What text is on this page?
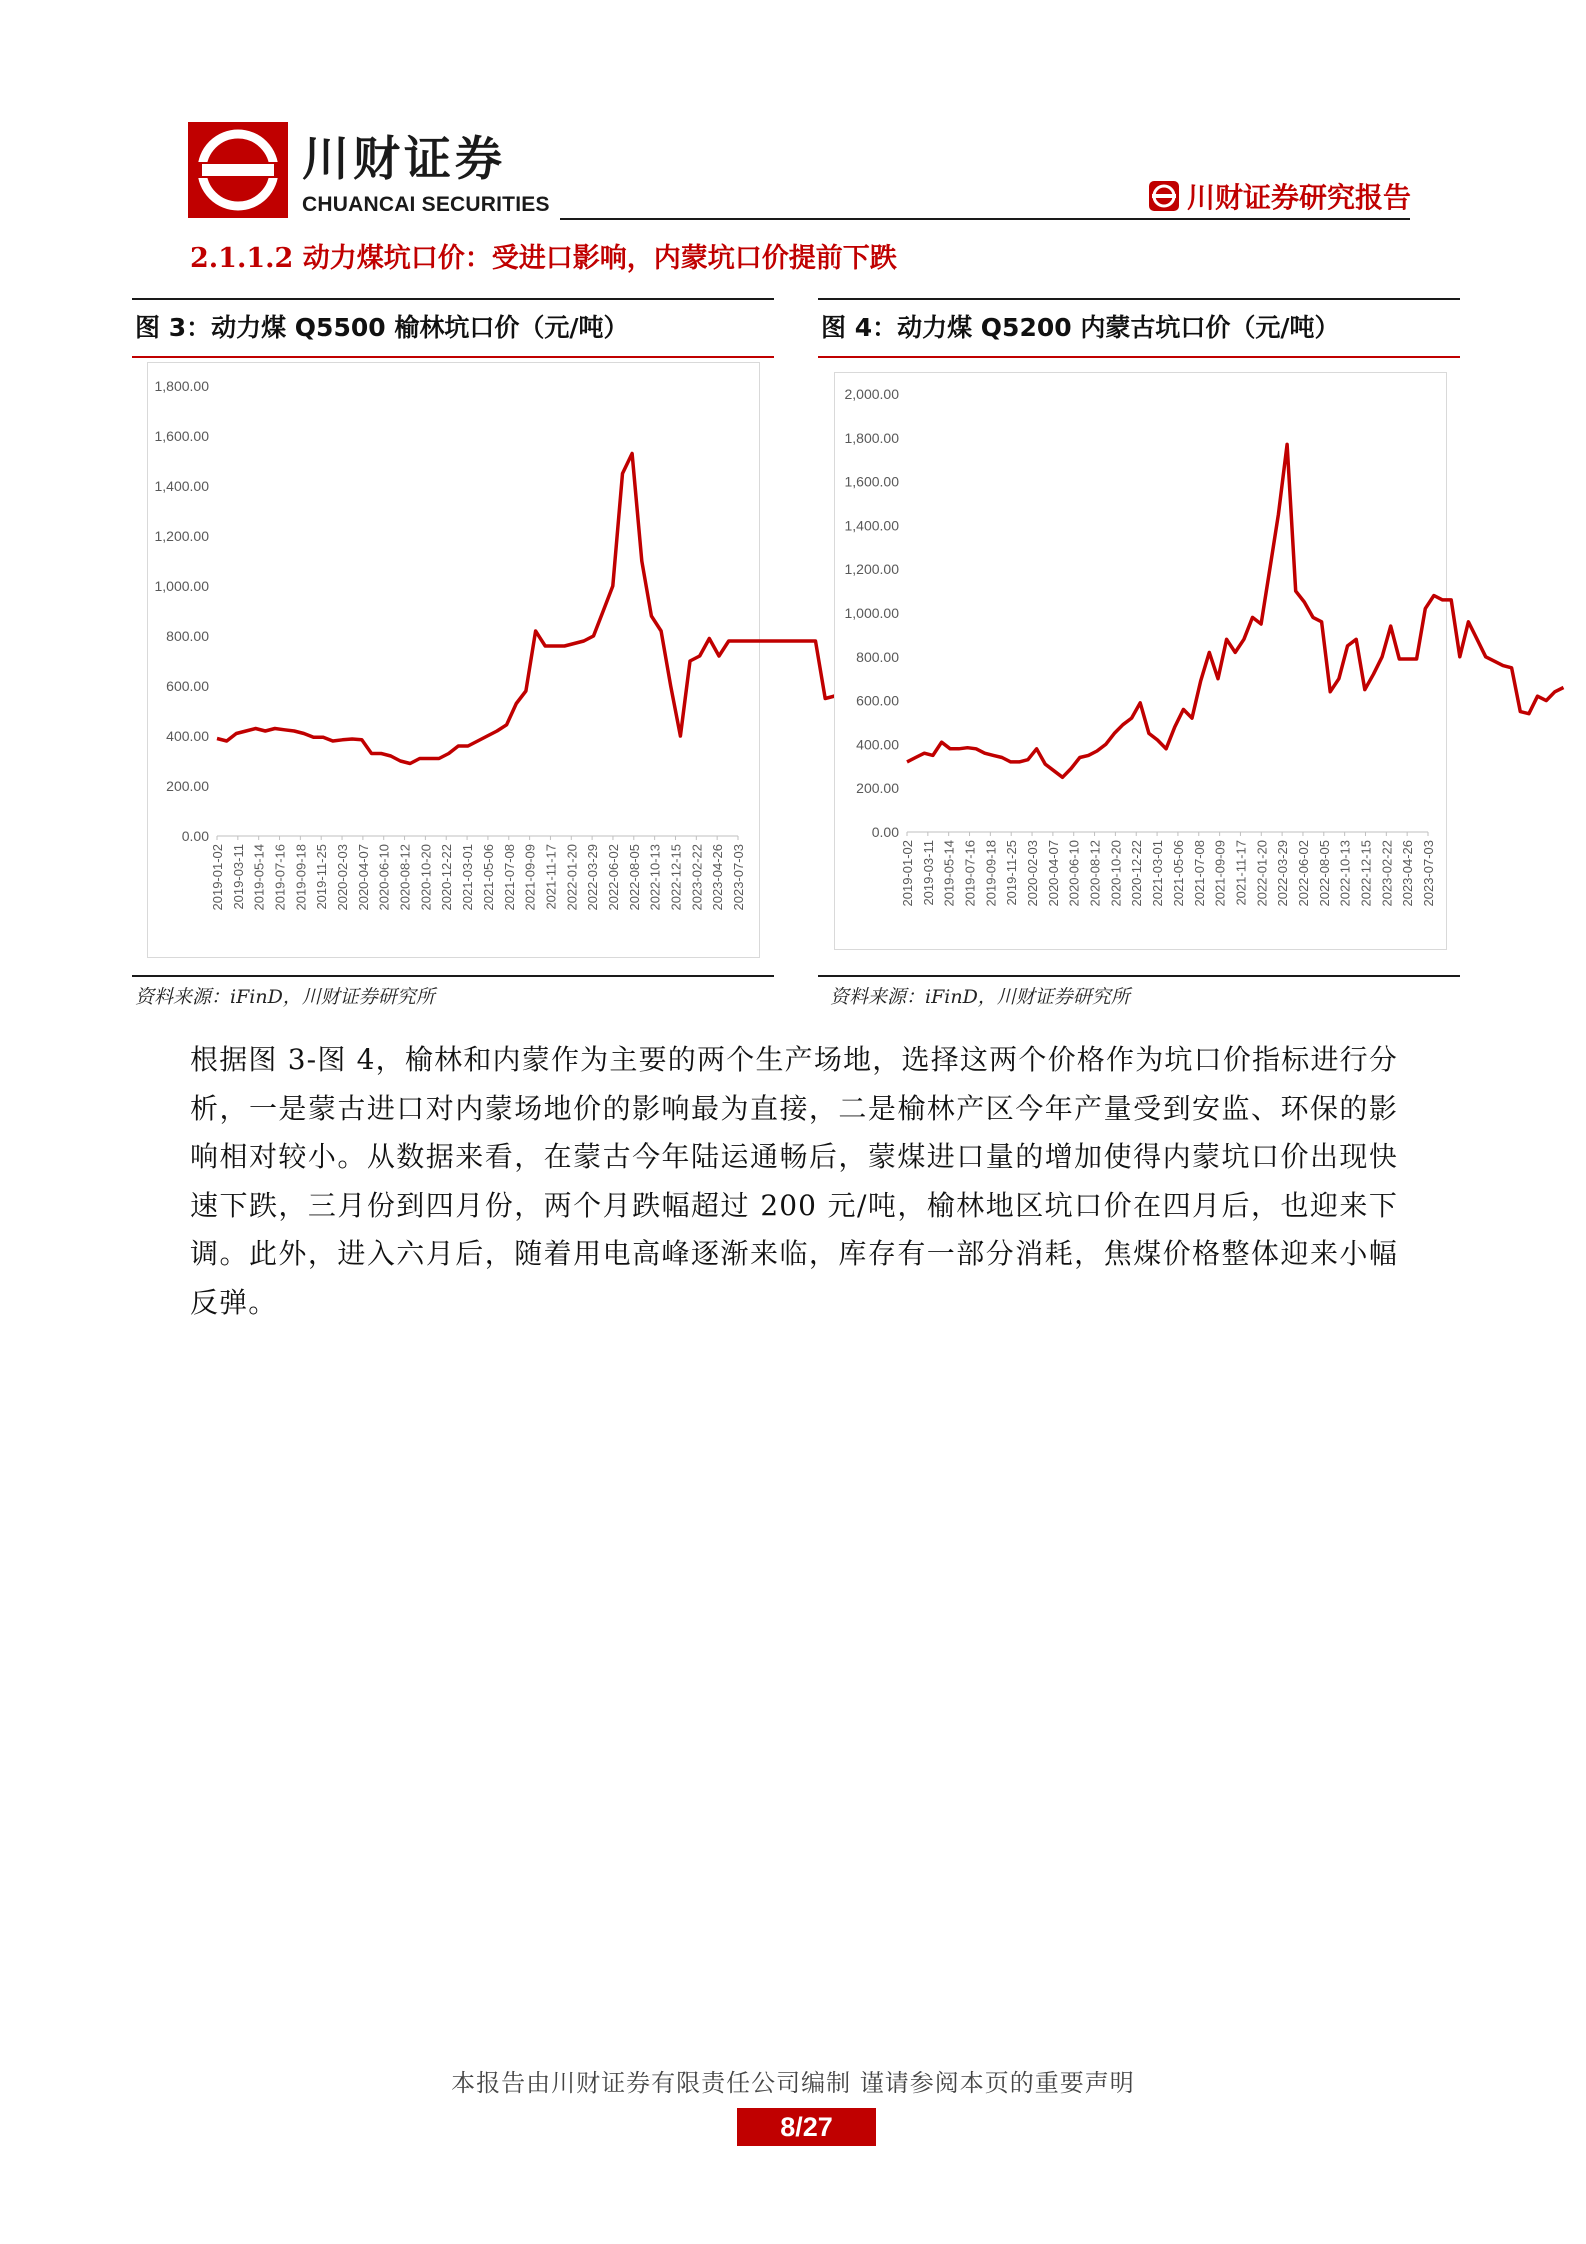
川财证券
CHUANCAI SECURITIES	川财证券研究报告
2.1.1.2 动力煤坑口价：受进口影响，内蒙坑口价提前下跌
图 3：动力煤 Q5500 榆林坑口价（元/吨）
1,800.00
1,600.00
1,400.00
1,200.00
1,000.00
800.00
600.00
400.00
200.00
0.00
2019-01-02 2019-03-11 2019-05-14 2019-07-16 2019-09-18 2019-11-25 2020-02-03 2020-04-07 2020-06-10 2020-08-12 2020-10-20 2020-12-22 2021-03-01 2021-05-06 2021-07-08 2021-09-09 2021-11-17 2022-01-20 2022-03-29 2022-06-02 2022-08-05 2022-10-13 2022-12-15 2023-02-22 2023-04-26 2023-07-03
资料来源：iFinD，川财证券研究所
图 4：动力煤 Q5200 内蒙古坑口价（元/吨）
2,000.00
1,800.00
1,600.00
1,400.00
1,200.00
1,000.00
800.00
600.00
400.00
200.00
0.00
2019-01-02 2019-03-11 2019-05-14 2019-07-16 2019-09-18 2019-11-25 2020-02-03 2020-04-07 2020-06-10 2020-08-12 2020-10-20 2020-12-22 2021-03-01 2021-05-06 2021-07-08 2021-09-09 2021-11-17 2022-01-20 2022-03-29 2022-06-02 2022-08-05 2022-10-13 2022-12-15 2023-02-22 2023-04-26 2023-07-03
资料来源：iFinD，川财证券研究所
根据图 3-图 4，榆林和内蒙作为主要的两个生产场地，选择这两个价格作为坑口价指标进行分析，一是蒙古进口对内蒙场地价的影响最为直接，二是榆林产区今年产量受到安监、环保的影响相对较小。从数据来看，在蒙古今年陆运通畅后，蒙煤进口量的增加使得内蒙坑口价出现快速下跌，三月份到四月份，两个月跌幅超过 200 元/吨，榆林地区坑口价在四月后，也迎来下调。此外，进入六月后，随着用电高峰逐渐来临，库存有一部分消耗，焦煤价格整体迎来小幅反弹。
本报告由川财证券有限责任公司编制 谨请参阅本页的重要声明
8/27
